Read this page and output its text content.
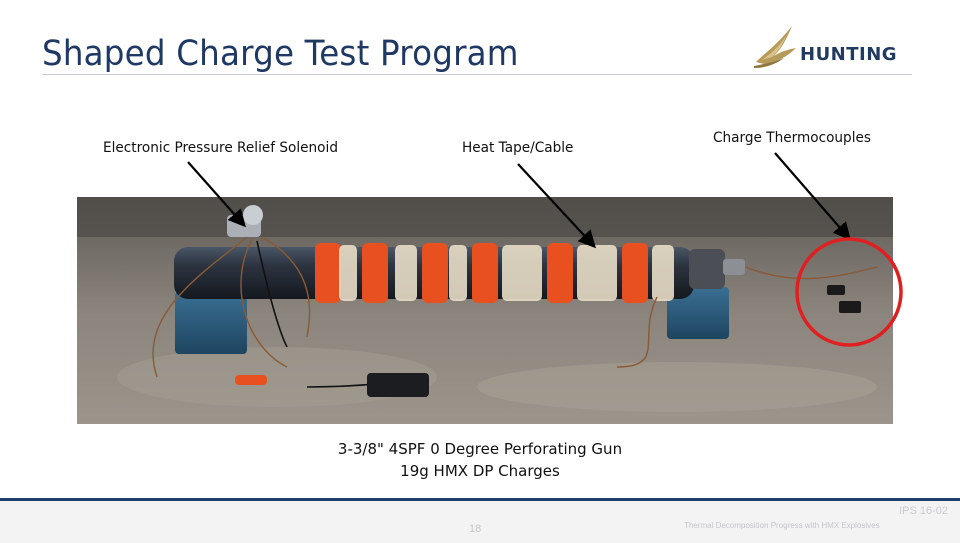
Shaped Charge Test Program	HUNTING
Electronic Pressure Relief Solenoid	Heat Tape/Cable
Charge Thermocouples
3-3/8" 4SPF 0 Degree Perforating Gun
19g HMX DP Charges
IPS 16-02
18	Thermal Decomposition Progress with HMX Explosives
